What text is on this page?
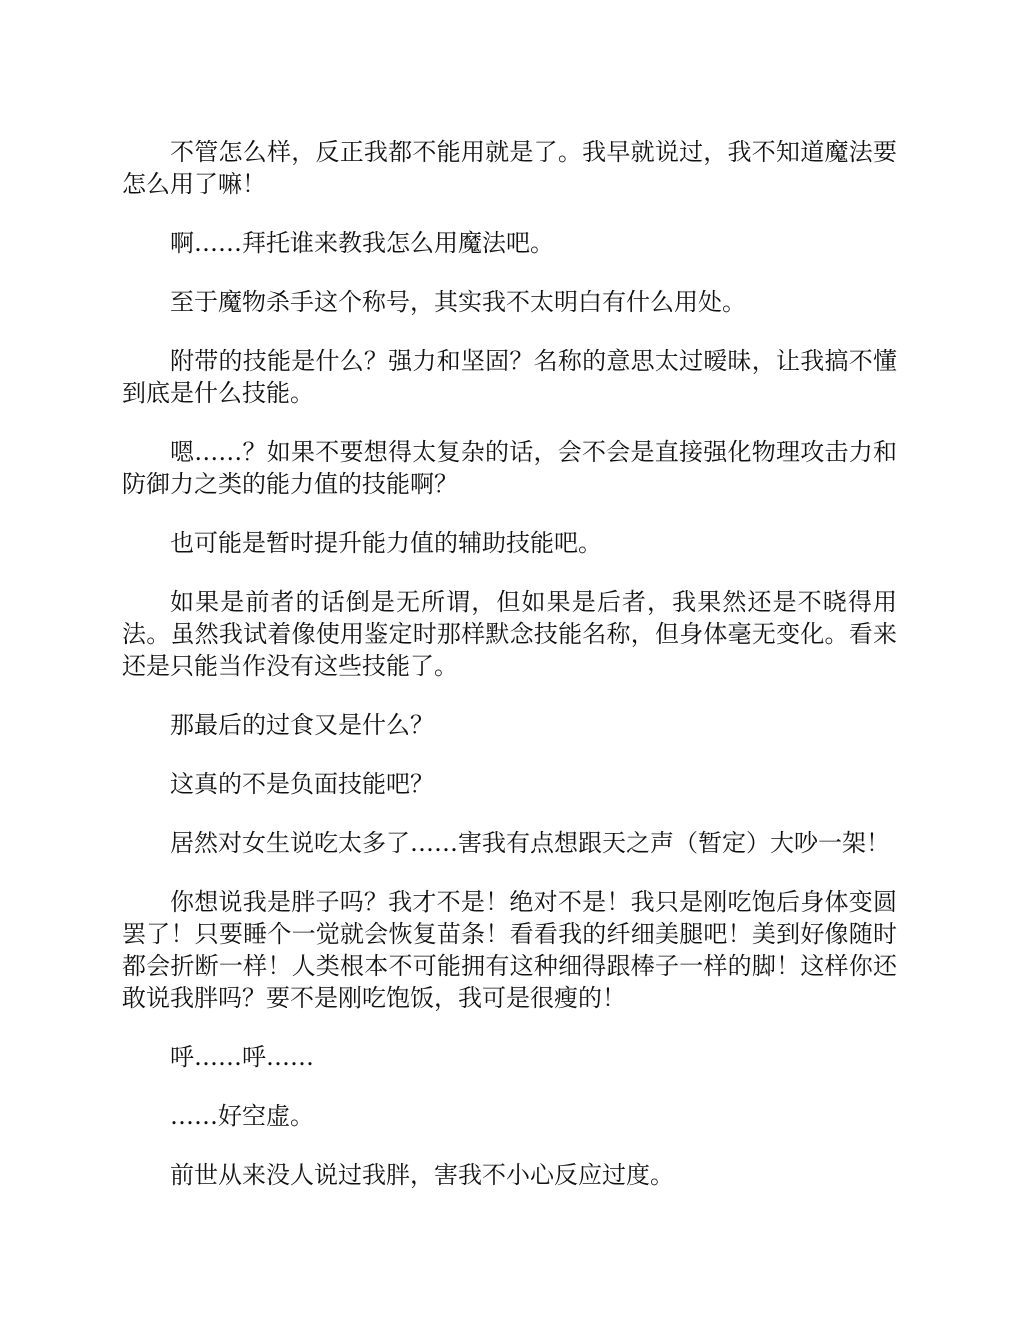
不管怎么样，反正我都不能用就是了。我早就说过，我不知道魔法要怎么用了嘛！

啊……拜托谁来教我怎么用魔法吧。

至于魔物杀手这个称号，其实我不太明白有什么用处。

附带的技能是什么？强力和坚固？名称的意思太过暧昧，让我搞不懂到底是什么技能。

嗯……？如果不要想得太复杂的话，会不会是直接强化物理攻击力和防御力之类的能力值的技能啊？

也可能是暂时提升能力值的辅助技能吧。

如果是前者的话倒是无所谓，但如果是后者，我果然还是不晓得用法。虽然我试着像使用鉴定时那样默念技能名称，但身体毫无变化。看来还是只能当作没有这些技能了。

那最后的过食又是什么？

这真的不是负面技能吧？

居然对女生说吃太多了……害我有点想跟天之声（暂定）大吵一架！

你想说我是胖子吗？我才不是！绝对不是！我只是刚吃饱后身体变圆罢了！只要睡个一觉就会恢复苗条！看看我的纤细美腿吧！美到好像随时都会折断一样！人类根本不可能拥有这种细得跟棒子一样的脚！这样你还敢说我胖吗？要不是刚吃饱饭，我可是很瘦的！

呼……呼……

……好空虚。

前世从来没人说过我胖，害我不小心反应过度。
